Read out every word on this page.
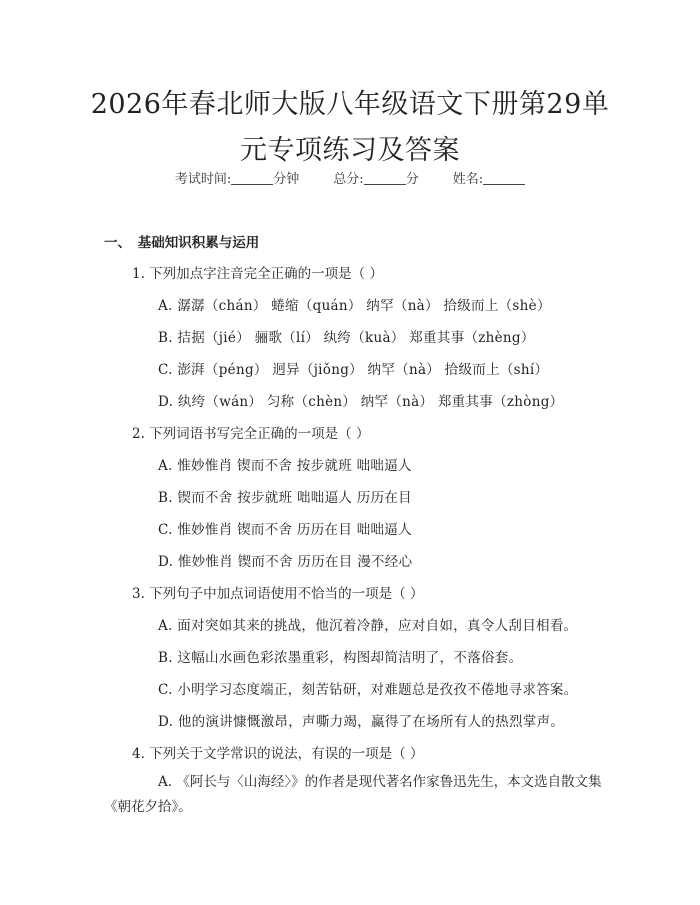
2026年春北师大版八年级语文下册第29单元专项练习及答案
考试时间:	分钟	总分:	分	姓名:
一、　基础知识积累与运用
1. 下列加点字注音完全正确的一项是（ ）
A. 潺潺（chán） 蜷缩（quán） 纳罕（nà） 拾级而上（shè）
B. 拮据（jié） 骊歌（lí） 纨绔（kuà） 郑重其事（zhèng）
C. 澎湃（péng） 迥异（jiǒng） 纳罕（nà） 拾级而上（shí）
D. 纨绔（wán） 匀称（chèn） 纳罕（nà） 郑重其事（zhòng）
2. 下列词语书写完全正确的一项是（ ）
A. 惟妙惟肖 锲而不舍 按步就班 咄咄逼人
B. 锲而不舍 按步就班 咄咄逼人 历历在目
C. 惟妙惟肖 锲而不舍 历历在目 咄咄逼人
D. 惟妙惟肖 锲而不舍 历历在目 漫不经心
3. 下列句子中加点词语使用不恰当的一项是（ ）
A. 面对突如其来的挑战，他沉着冷静，应对自如，真令人刮目相看。
B. 这幅山水画色彩浓墨重彩，构图却简洁明了，不落俗套。
C. 小明学习态度端正，刻苦钻研，对难题总是孜孜不倦地寻求答案。
D. 他的演讲慷慨激昂，声嘶力竭，赢得了在场所有人的热烈掌声。
4. 下列关于文学常识的说法，有误的一项是（ ）
A. 《阿长与〈山海经〉》的作者是现代著名作家鲁迅先生，本文选自散文集《朝花夕拾》。
